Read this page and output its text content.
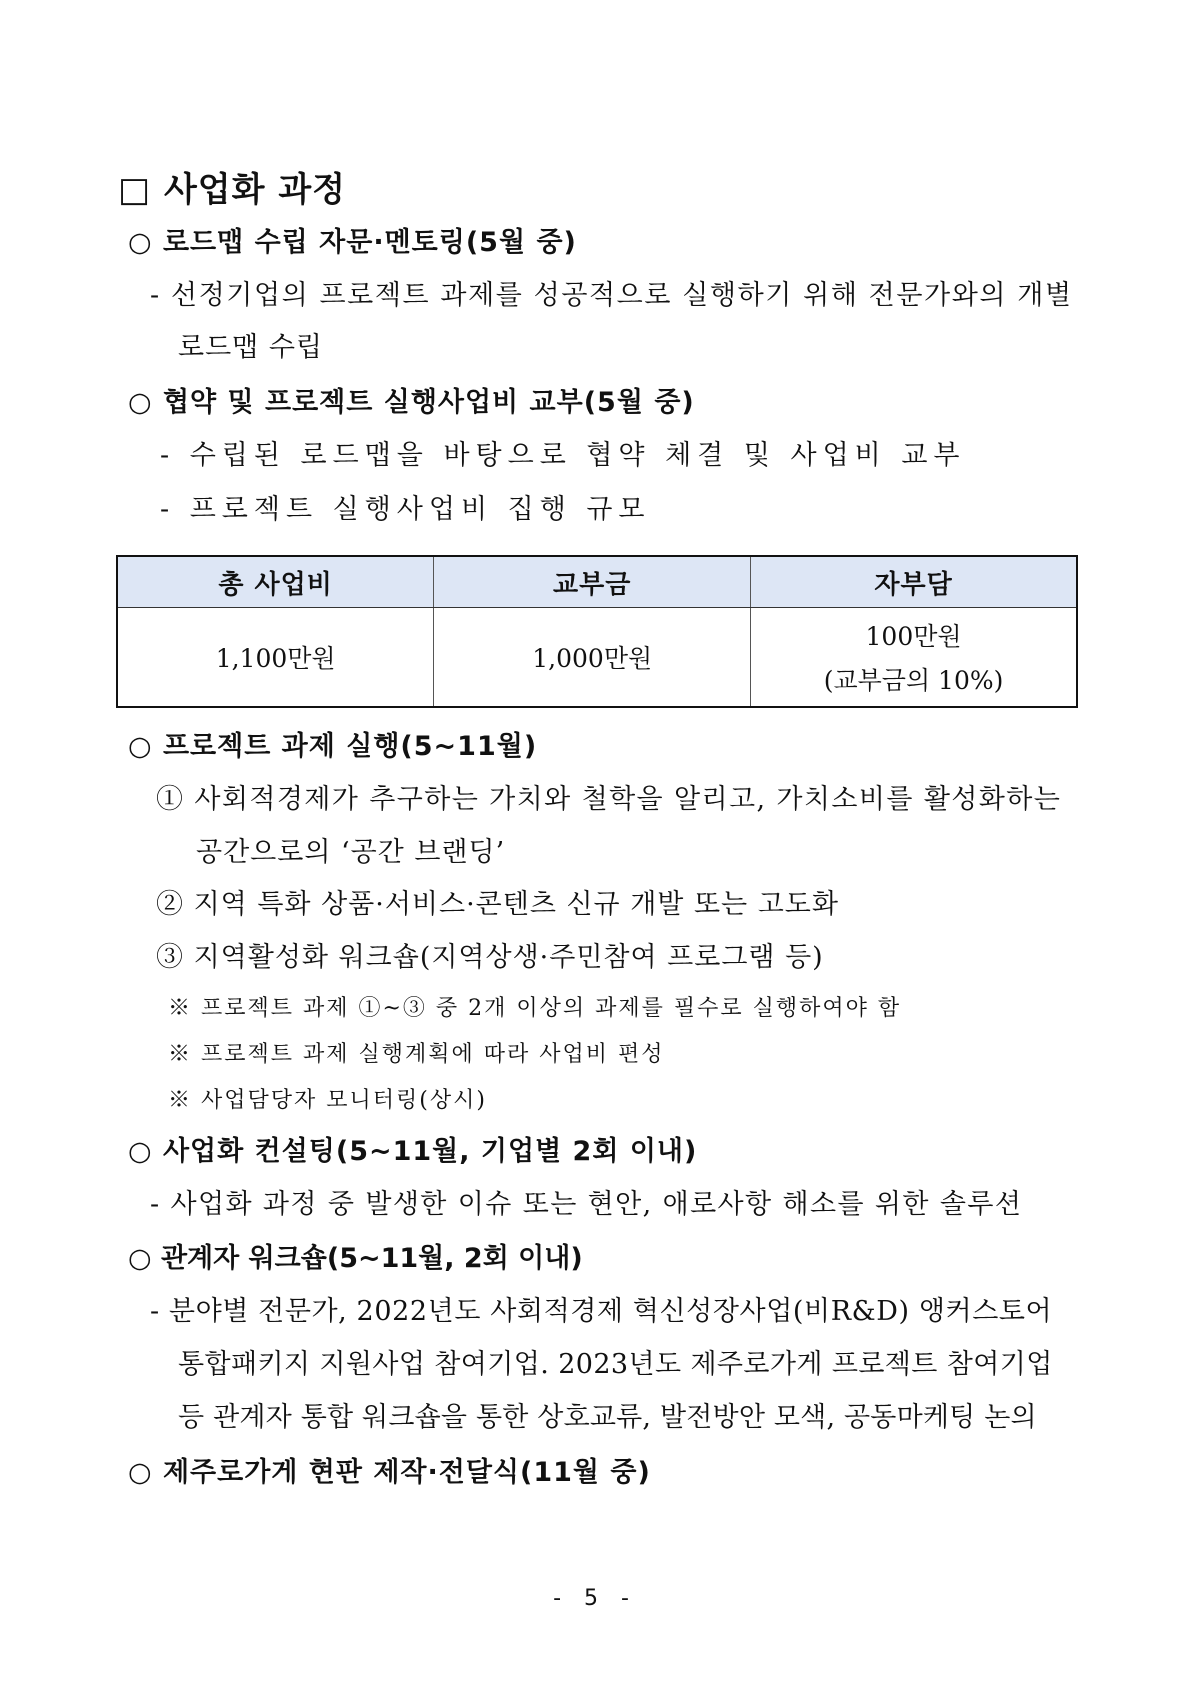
□ 사업화 과정
○ 로드맵 수립 자문·멘토링(5월 중)
- 선정기업의 프로젝트 과제를 성공적으로 실행하기 위해 전문가와의 개별
로드맵 수립
○ 협약 및 프로젝트 실행사업비 교부(5월 중)
- 수립된 로드맵을 바탕으로 협약 체결 및 사업비 교부
- 프로젝트 실행사업비 집행 규모
총 사업비	교부금	자부담
1,100만원	1,000만원	100만원
(교부금의 10%)
○ 프로젝트 과제 실행(5~11월)
① 사회적경제가 추구하는 가치와 철학을 알리고, 가치소비를 활성화하는
공간으로의 ‘공간 브랜딩’
② 지역 특화 상품·서비스·콘텐츠 신규 개발 또는 고도화
③ 지역활성화 워크숍(지역상생·주민참여 프로그램 등)
※ 프로젝트 과제 ①~③ 중 2개 이상의 과제를 필수로 실행하여야 함
※ 프로젝트 과제 실행계획에 따라 사업비 편성
※ 사업담당자 모니터링(상시)
○ 사업화 컨설팅(5~11월, 기업별 2회 이내)
- 사업화 과정 중 발생한 이슈 또는 현안, 애로사항 해소를 위한 솔루션
○ 관계자 워크숍(5~11월, 2회 이내)
- 분야별 전문가, 2022년도 사회적경제 혁신성장사업(비R&D) 앵커스토어
통합패키지 지원사업 참여기업. 2023년도 제주로가게 프로젝트 참여기업
등 관계자 통합 워크숍을 통한 상호교류, 발전방안 모색, 공동마케팅 논의
○ 제주로가게 현판 제작·전달식(11월 중)
- 5 -
